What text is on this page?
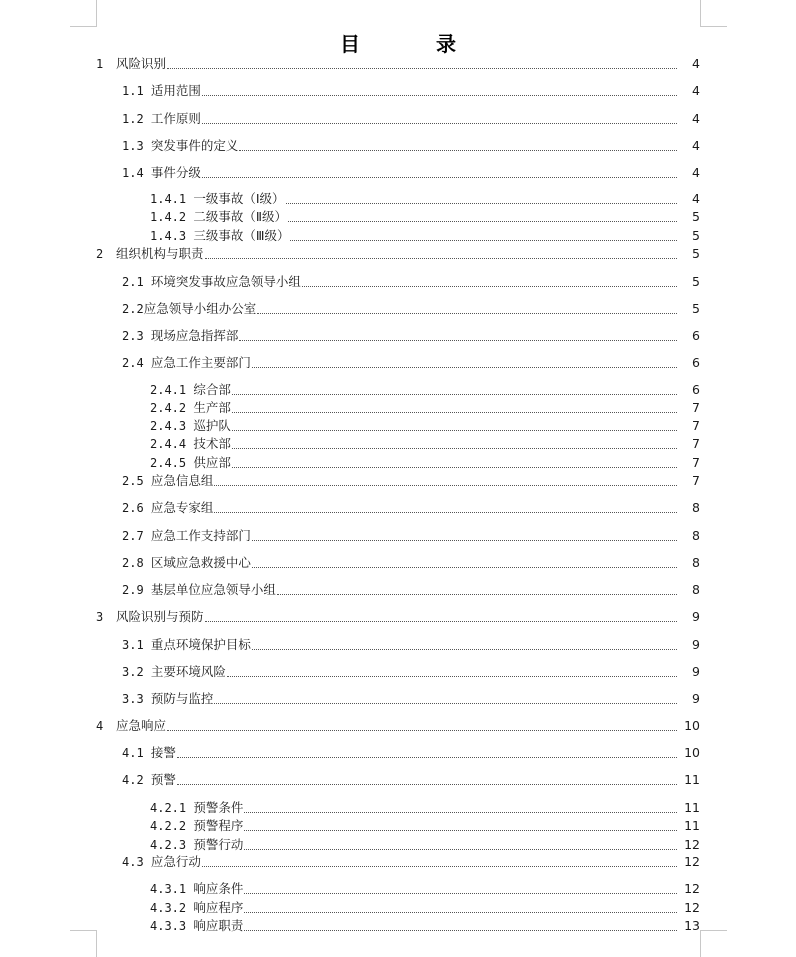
目　录
1 风险识别	4
1.1 适用范围	4
1.2 工作原则	4
1.3 突发事件的定义	4
1.4 事件分级	4
1.4.1 一级事故（Ⅰ级）	4
1.4.2 二级事故（Ⅱ级）	5
1.4.3 三级事故（Ⅲ级）	5
2 组织机构与职责	5
2.1 环境突发事故应急领导小组	5
2.2 应急领导小组办公室	5
2.3 现场应急指挥部	6
2.4 应急工作主要部门	6
2.4.1 综合部	6
2.4.2 生产部	7
2.4.3 巡护队	7
2.4.4 技术部	7
2.4.5 供应部	7
2.5 应急信息组	7
2.6 应急专家组	8
2.7 应急工作支持部门	8
2.8 区域应急救援中心	8
2.9 基层单位应急领导小组	8
3 风险识别与预防	9
3.1 重点环境保护目标	9
3.2 主要环境风险	9
3.3 预防与监控	9
4 应急响应	10
4.1 接警	10
4.2 预警	11
4.2.1 预警条件	11
4.2.2 预警程序	11
4.2.3 预警行动	12
4.3 应急行动	12
4.3.1 响应条件	12
4.3.2 响应程序	12
4.3.3 响应职责	13
